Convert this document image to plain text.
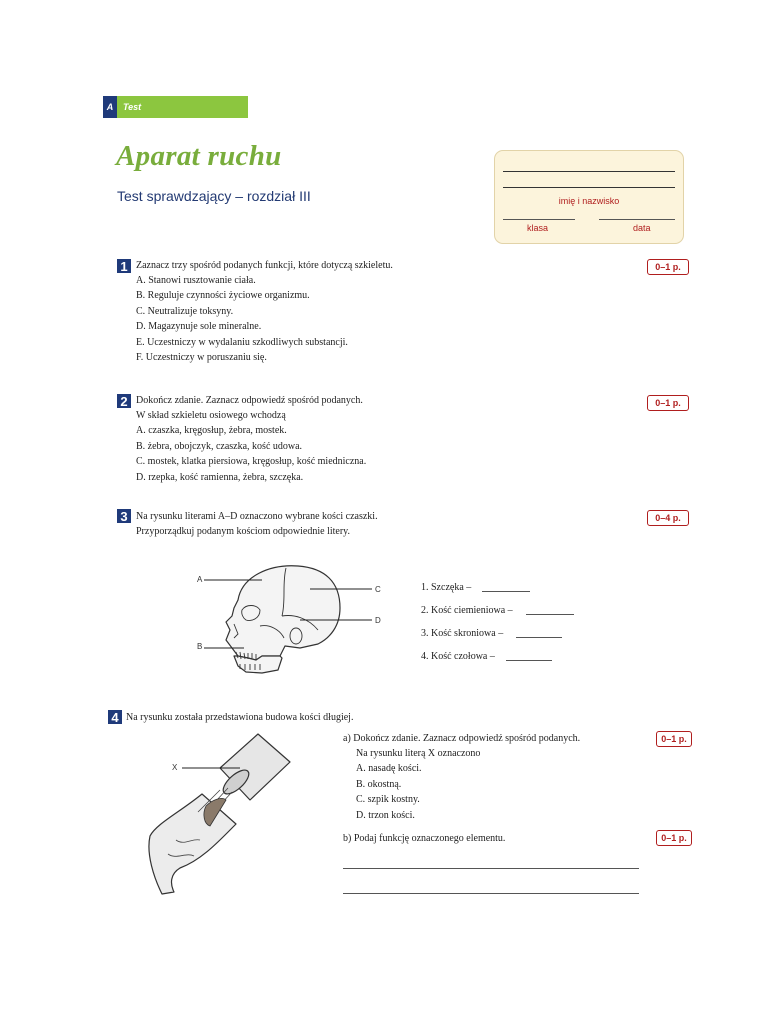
A	Test
Aparat ruchu
Test sprawdzający – rozdział III	imię i nazwisko
klasa	data
1 Zaznacz trzy spośród podanych funkcji, które dotyczą szkieletu.	0–1 p.
A. Stanowi rusztowanie ciała.
B. Reguluje czynności życiowe organizmu.
C. Neutralizuje toksyny.
D. Magazynuje sole mineralne.
E. Uczestniczy w wydalaniu szkodliwych substancji.
F. Uczestniczy w poruszaniu się.
2 Dokończ zdanie. Zaznacz odpowiedź spośród podanych.	0–1 p.
W skład szkieletu osiowego wchodzą
A. czaszka, kręgosłup, żebra, mostek.
B. żebra, obojczyk, czaszka, kość udowa.
C. mostek, klatka piersiowa, kręgosłup, kość miedniczna.
D. rzepka, kość ramienna, żebra, szczęka.
3 Na rysunku literami A–D oznaczono wybrane kości czaszki.
Przyporządkuj podanym kościom odpowiednie litery.
0–4 p.
A
B
C
D
1. Szczęka –
2. Kość ciemieniowa –
3. Kość skroniowa –
4. Kość czołowa –
4 Na rysunku została przedstawiona budowa kości długiej.
X
a) Dokończ zdanie. Zaznacz odpowiedź spośród podanych.	0–1 p.
Na rysunku literą X oznaczono
A. nasadę kości.
B. okostną.
C. szpik kostny.
D. trzon kości.
b) Podaj funkcję oznaczonego elementu.	0–1 p.
